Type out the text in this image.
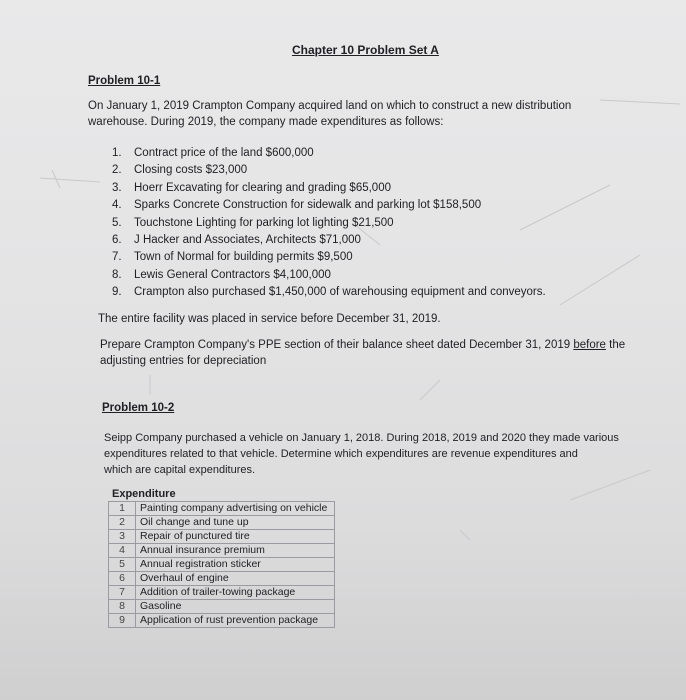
Chapter 10 Problem Set A
Problem 10-1
On January 1, 2019 Crampton Company acquired land on which to construct a new distribution
warehouse. During 2019, the company made expenditures as follows:
1.	Contract price of the land $600,000
2.	Closing costs $23,000
3.	Hoerr Excavating for clearing and grading $65,000
4.	Sparks Concrete Construction for sidewalk and parking lot $158,500
5.	Touchstone Lighting for parking lot lighting $21,500
6.	J Hacker and Associates, Architects $71,000
7.	Town of Normal for building permits $9,500
8.	Lewis General Contractors $4,100,000
9.	Crampton also purchased $1,450,000 of warehousing equipment and conveyors.
The entire facility was placed in service before December 31, 2019.
Prepare Crampton Company's PPE section of their balance sheet dated December 31, 2019 before the
adjusting entries for depreciation
Problem 10-2
Seipp Company purchased a vehicle on January 1, 2018. During 2018, 2019 and 2020 they made various
expenditures related to that vehicle. Determine which expenditures are revenue expenditures and
which are capital expenditures.
Expenditure
1	Painting company advertising on vehicle
2	Oil change and tune up
3	Repair of punctured tire
4	Annual insurance premium
5	Annual registration sticker
6	Overhaul of engine
7	Addition of trailer-towing package
8	Gasoline
9	Application of rust prevention package
